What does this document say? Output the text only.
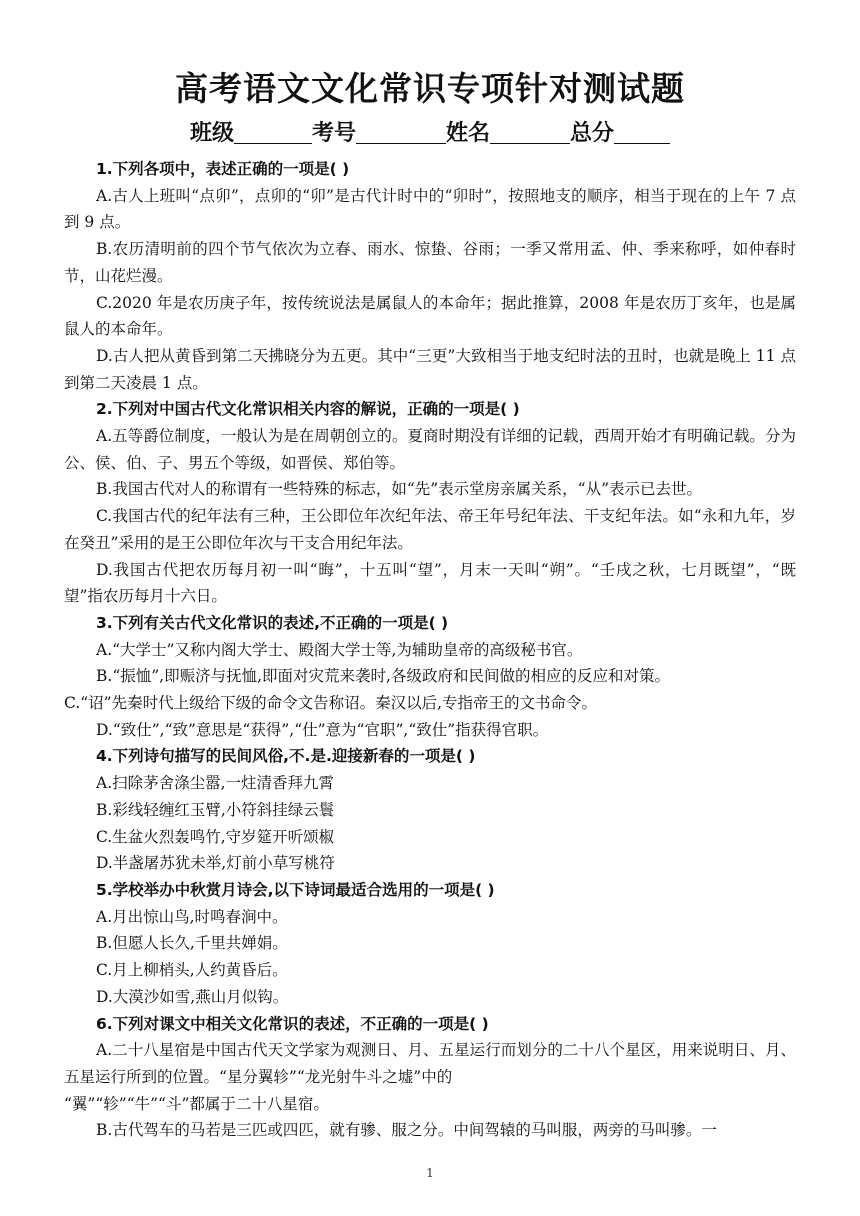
高考语文文化常识专项针对测试题
班级	考号	姓名	总分

1.下列各项中，表述正确的一项是( )

A.古人上班叫“点卯”，点卯的“卯”是古代计时中的“卯时”，按照地支的顺序，相当于现在的上午 7 点到 9 点。

B.农历清明前的四个节气依次为立春、雨水、惊蛰、谷雨；一季又常用孟、仲、季来称呼，如仲春时节，山花烂漫。

C.2020 年是农历庚子年，按传统说法是属鼠人的本命年；据此推算，2008 年是农历丁亥年，也是属鼠人的本命年。

D.古人把从黄昏到第二天拂晓分为五更。其中“三更”大致相当于地支纪时法的丑时，也就是晚上 11 点到第二天凌晨 1 点。

2.下列对中国古代文化常识相关内容的解说，正确的一项是( )

A.五等爵位制度，一般认为是在周朝创立的。夏商时期没有详细的记载，西周开始才有明确记载。分为公、侯、伯、子、男五个等级，如晋侯、郑伯等。

B.我国古代对人的称谓有一些特殊的标志，如“先”表示堂房亲属关系，“从”表示已去世。

C.我国古代的纪年法有三种，王公即位年次纪年法、帝王年号纪年法、干支纪年法。如“永和九年，岁在癸丑”采用的是王公即位年次与干支合用纪年法。

D.我国古代把农历每月初一叫“晦”，十五叫“望”，月末一天叫“朔”。“壬戌之秋，七月既望”，“既望”指农历每月十六日。

3.下列有关古代文化常识的表述,不正确的一项是( )

A.“大学士”又称内阁大学士、殿阁大学士等,为辅助皇帝的高级秘书官。

B.“振恤”,即赈济与抚恤,即面对灾荒来袭时,各级政府和民间做的相应的反应和对策。

C.“诏”先秦时代上级给下级的命令文告称诏。秦汉以后,专指帝王的文书命令。

D.“致仕”,“致”意思是“获得”,“仕”意为“官职”,“致仕”指获得官职。

4.下列诗句描写的民间风俗,不.是.迎接新春的一项是( )

A.扫除茅舍涤尘嚣,一炷清香拜九霄

B.彩线轻缠红玉臂,小符斜挂绿云鬟

C.生盆火烈轰鸣竹,守岁筵开听颂椒

D.半盏屠苏犹未举,灯前小草写桃符

5.学校举办中秋赏月诗会,以下诗词最适合选用的一项是( )

A.月出惊山鸟,时鸣春涧中。

B.但愿人长久,千里共婵娟。

C.月上柳梢头,人约黄昏后。

D.大漠沙如雪,燕山月似钩。

6.下列对课文中相关文化常识的表述，不正确的一项是( )

A.二十八星宿是中国古代天文学家为观测日、月、五星运行而划分的二十八个星区，用来说明日、月、五星运行所到的位置。“星分翼轸”“龙光射牛斗之墟”中的

“翼”“轸”“牛”“斗”都属于二十八星宿。

B.古代驾车的马若是三匹或四匹，就有骖、服之分。中间驾辕的马叫服，两旁的马叫骖。一

1
